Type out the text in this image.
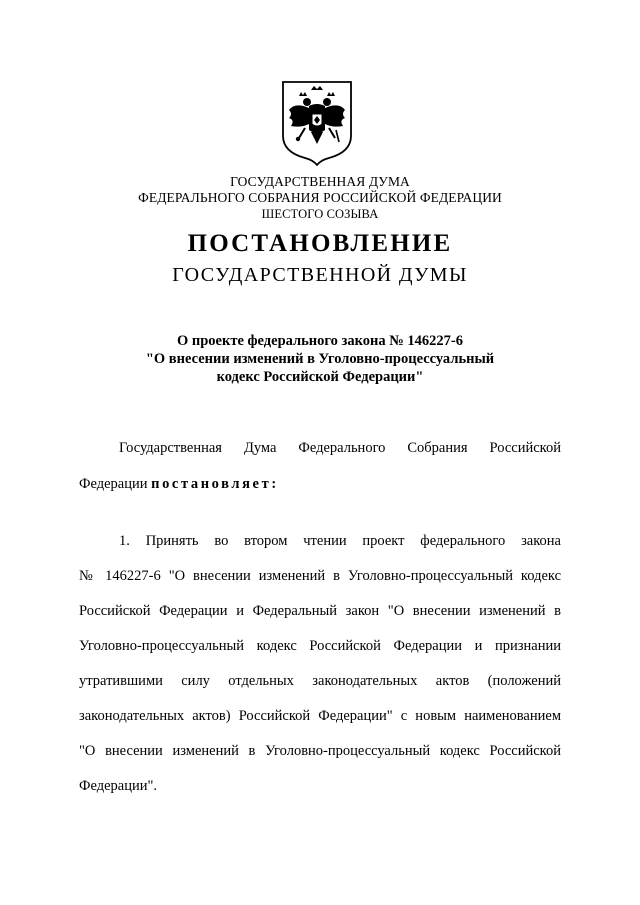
ГОСУДАРСТВЕННАЯ ДУМА
ФЕДЕРАЛЬНОГО СОБРАНИЯ РОССИЙСКОЙ ФЕДЕРАЦИИ
ШЕСТОГО СОЗЫВА
ПОСТАНОВЛЕНИЕ
ГОСУДАРСТВЕННОЙ ДУМЫ
О проекте федерального закона № 146227-6
"О внесении изменений в Уголовно-процессуальный
кодекс Российской Федерации"
Государственная Дума Федерального Собрания Российской
Федерации постановляет:
1. Принять во втором чтении проект федерального закона
№ 146227-6 "О внесении изменений в Уголовно-процессуальный кодекс
Российской Федерации и Федеральный закон "О внесении изменений в
Уголовно-процессуальный кодекс Российской Федерации и признании
утратившими силу отдельных законодательных актов (положений
законодательных актов) Российской Федерации" с новым наименованием
"О внесении изменений в Уголовно-процессуальный кодекс Российской
Федерации".
